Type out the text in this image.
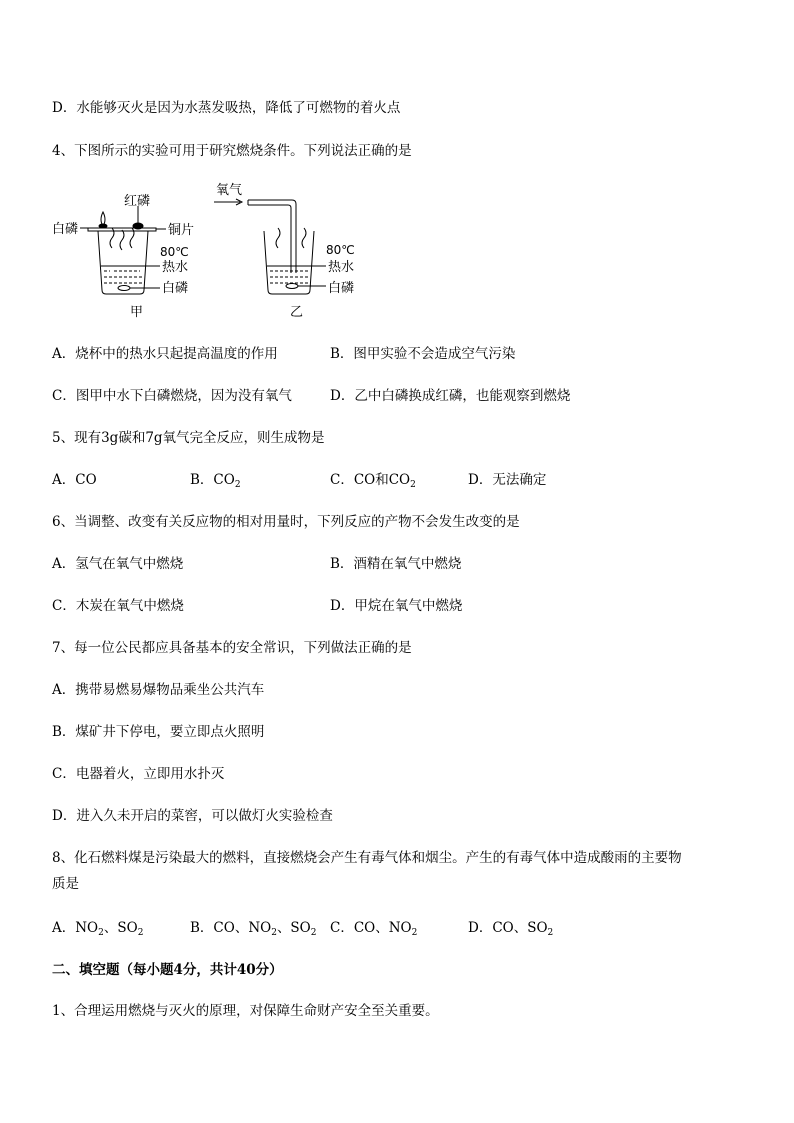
D．水能够灭火是因为水蒸发吸热，降低了可燃物的着火点
4、下图所示的实验可用于研究燃烧条件。下列说法正确的是
红磷
白磷	铜片
80℃
热水
白磷
甲
氧气
80℃
热水
白磷
乙
A．烧杯中的热水只起提高温度的作用	B．图甲实验不会造成空气污染
C．图甲中水下白磷燃烧，因为没有氧气	D．乙中白磷换成红磷，也能观察到燃烧
5、现有3g碳和7g氧气完全反应，则生成物是
A．CO	B．$CO_2$	C．CO和$CO_2$	D．无法确定
6、当调整、改变有关反应物的相对用量时，下列反应的产物不会发生改变的是
A．氢气在氧气中燃烧	B．酒精在氧气中燃烧
C．木炭在氧气中燃烧	D．甲烷在氧气中燃烧
7、每一位公民都应具备基本的安全常识，下列做法正确的是
A．携带易燃易爆物品乘坐公共汽车
B．煤矿井下停电，要立即点火照明
C．电器着火，立即用水扑灭
D．进入久未开启的菜窖，可以做灯火实验检查
8、化石燃料煤是污染最大的燃料，直接燃烧会产生有毒气体和烟尘。产生的有毒气体中造成酸雨的主要物
质是
A．$NO_2$、$SO_2$	B．CO、$NO_2$、$SO_2$ C．CO、$NO_2$	D．CO、$SO_2$
二、填空题（每小题4分，共计40分）
1、合理运用燃烧与灭火的原理，对保障生命财产安全至关重要。
